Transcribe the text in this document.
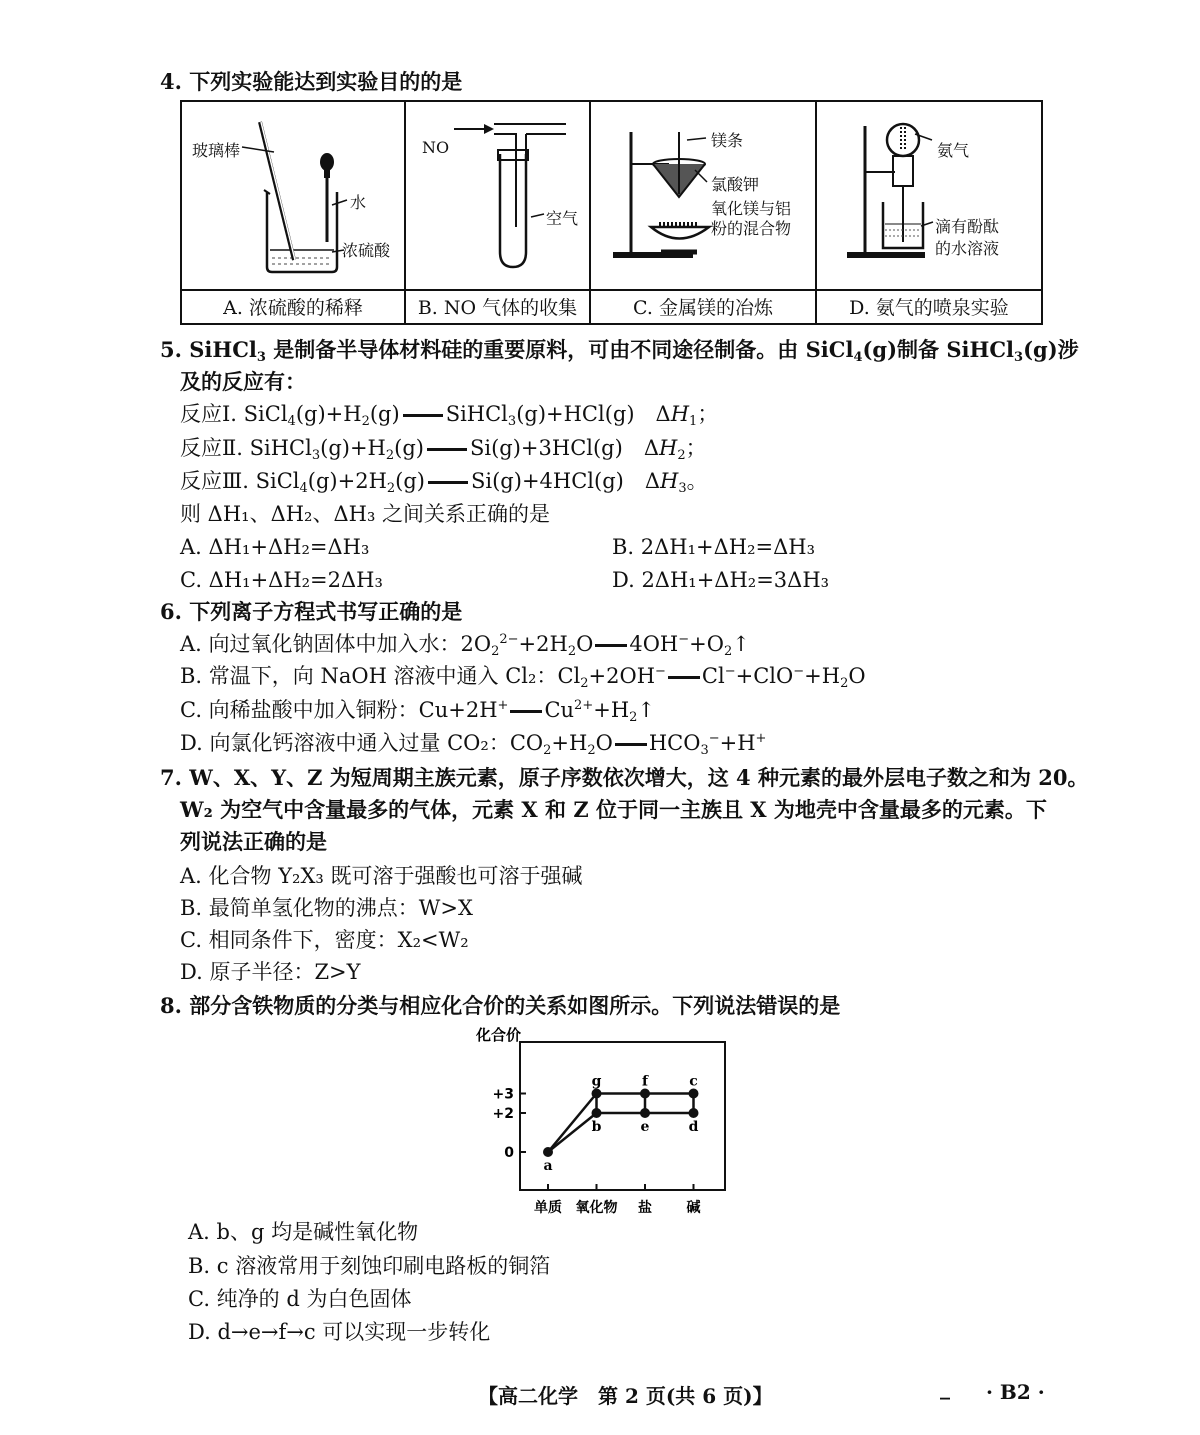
4. 下列实验能达到实验目的的是
玻璃棒
水
浓硫酸
NO
空气
镁条
氯酸钾
氧化镁与铝
粉的混合物
氨气
滴有酚酞
的水溶液
A. 浓硫酸的稀释	B. NO 气体的收集	C. 金属镁的冶炼	D. 氨气的喷泉实验
5. SiHCl$_3$ 是制备半导体材料硅的重要原料，可由不同途径制备。由 SiCl$_4$(g)制备 SiHCl$_3$(g)涉
及的反应有：
反应Ⅰ. $SiCl_4(g)+H_2(g)$ SiHCl$_3$(g)+HCl(g)　$\Delta H_1$；
反应Ⅱ. $SiHCl_3(g)+H_2(g)$ Si(g)+3HCl(g)　$\Delta H_2$；
反应Ⅲ. $SiCl_4(g)+2H_2(g)$ Si(g)+4HCl(g)　$\Delta H_3$。
则 ΔH₁、ΔH₂、ΔH₃ 之间关系正确的是
A. ΔH₁+ΔH₂=ΔH₃	B. 2ΔH₁+ΔH₂=ΔH₃
C. ΔH₁+ΔH₂=2ΔH₃	D. 2ΔH₁+ΔH₂=3ΔH₃
6. 下列离子方程式书写正确的是
A. 向过氧化钠固体中加入水：$2O_2^{2-}+2H_2O$ $4OH^-+O_2↑$
B. 常温下，向 NaOH 溶液中通入 Cl₂：$Cl_2+2OH^-$ $Cl^-+ClO^-+H_2O$
C. 向稀盐酸中加入铜粉：Cu+2H+ $Cu^{2+}+H_2↑$
D. 向氯化钙溶液中通入过量 CO₂：$CO_2+H_2O$ $HCO_3^-+H^+$
7. W、X、Y、Z 为短周期主族元素，原子序数依次增大，这 4 种元素的最外层电子数之和为 20。
W₂ 为空气中含量最多的气体，元素 X 和 Z 位于同一主族且 X 为地壳中含量最多的元素。下
列说法正确的是
A. 化合物 Y₂X₃ 既可溶于强酸也可溶于强碱
B. 最简单氢化物的沸点：W>X
C. 相同条件下，密度：X₂<W₂
D. 原子半径：Z>Y
8. 部分含铁物质的分类与相应化合价的关系如图所示。下列说法错误的是
化合价
0
+2
+3
单质 氧化物 盐 碱
a
b
g
e
f
d
c
A. b、g 均是碱性氧化物
B. c 溶液常用于刻蚀印刷电路板的铜箔
C. 纯净的 d 为白色固体
D. d→e→f→c 可以实现一步转化
【高二化学　第 2 页(共 6 页)】	_ · B2 ·
